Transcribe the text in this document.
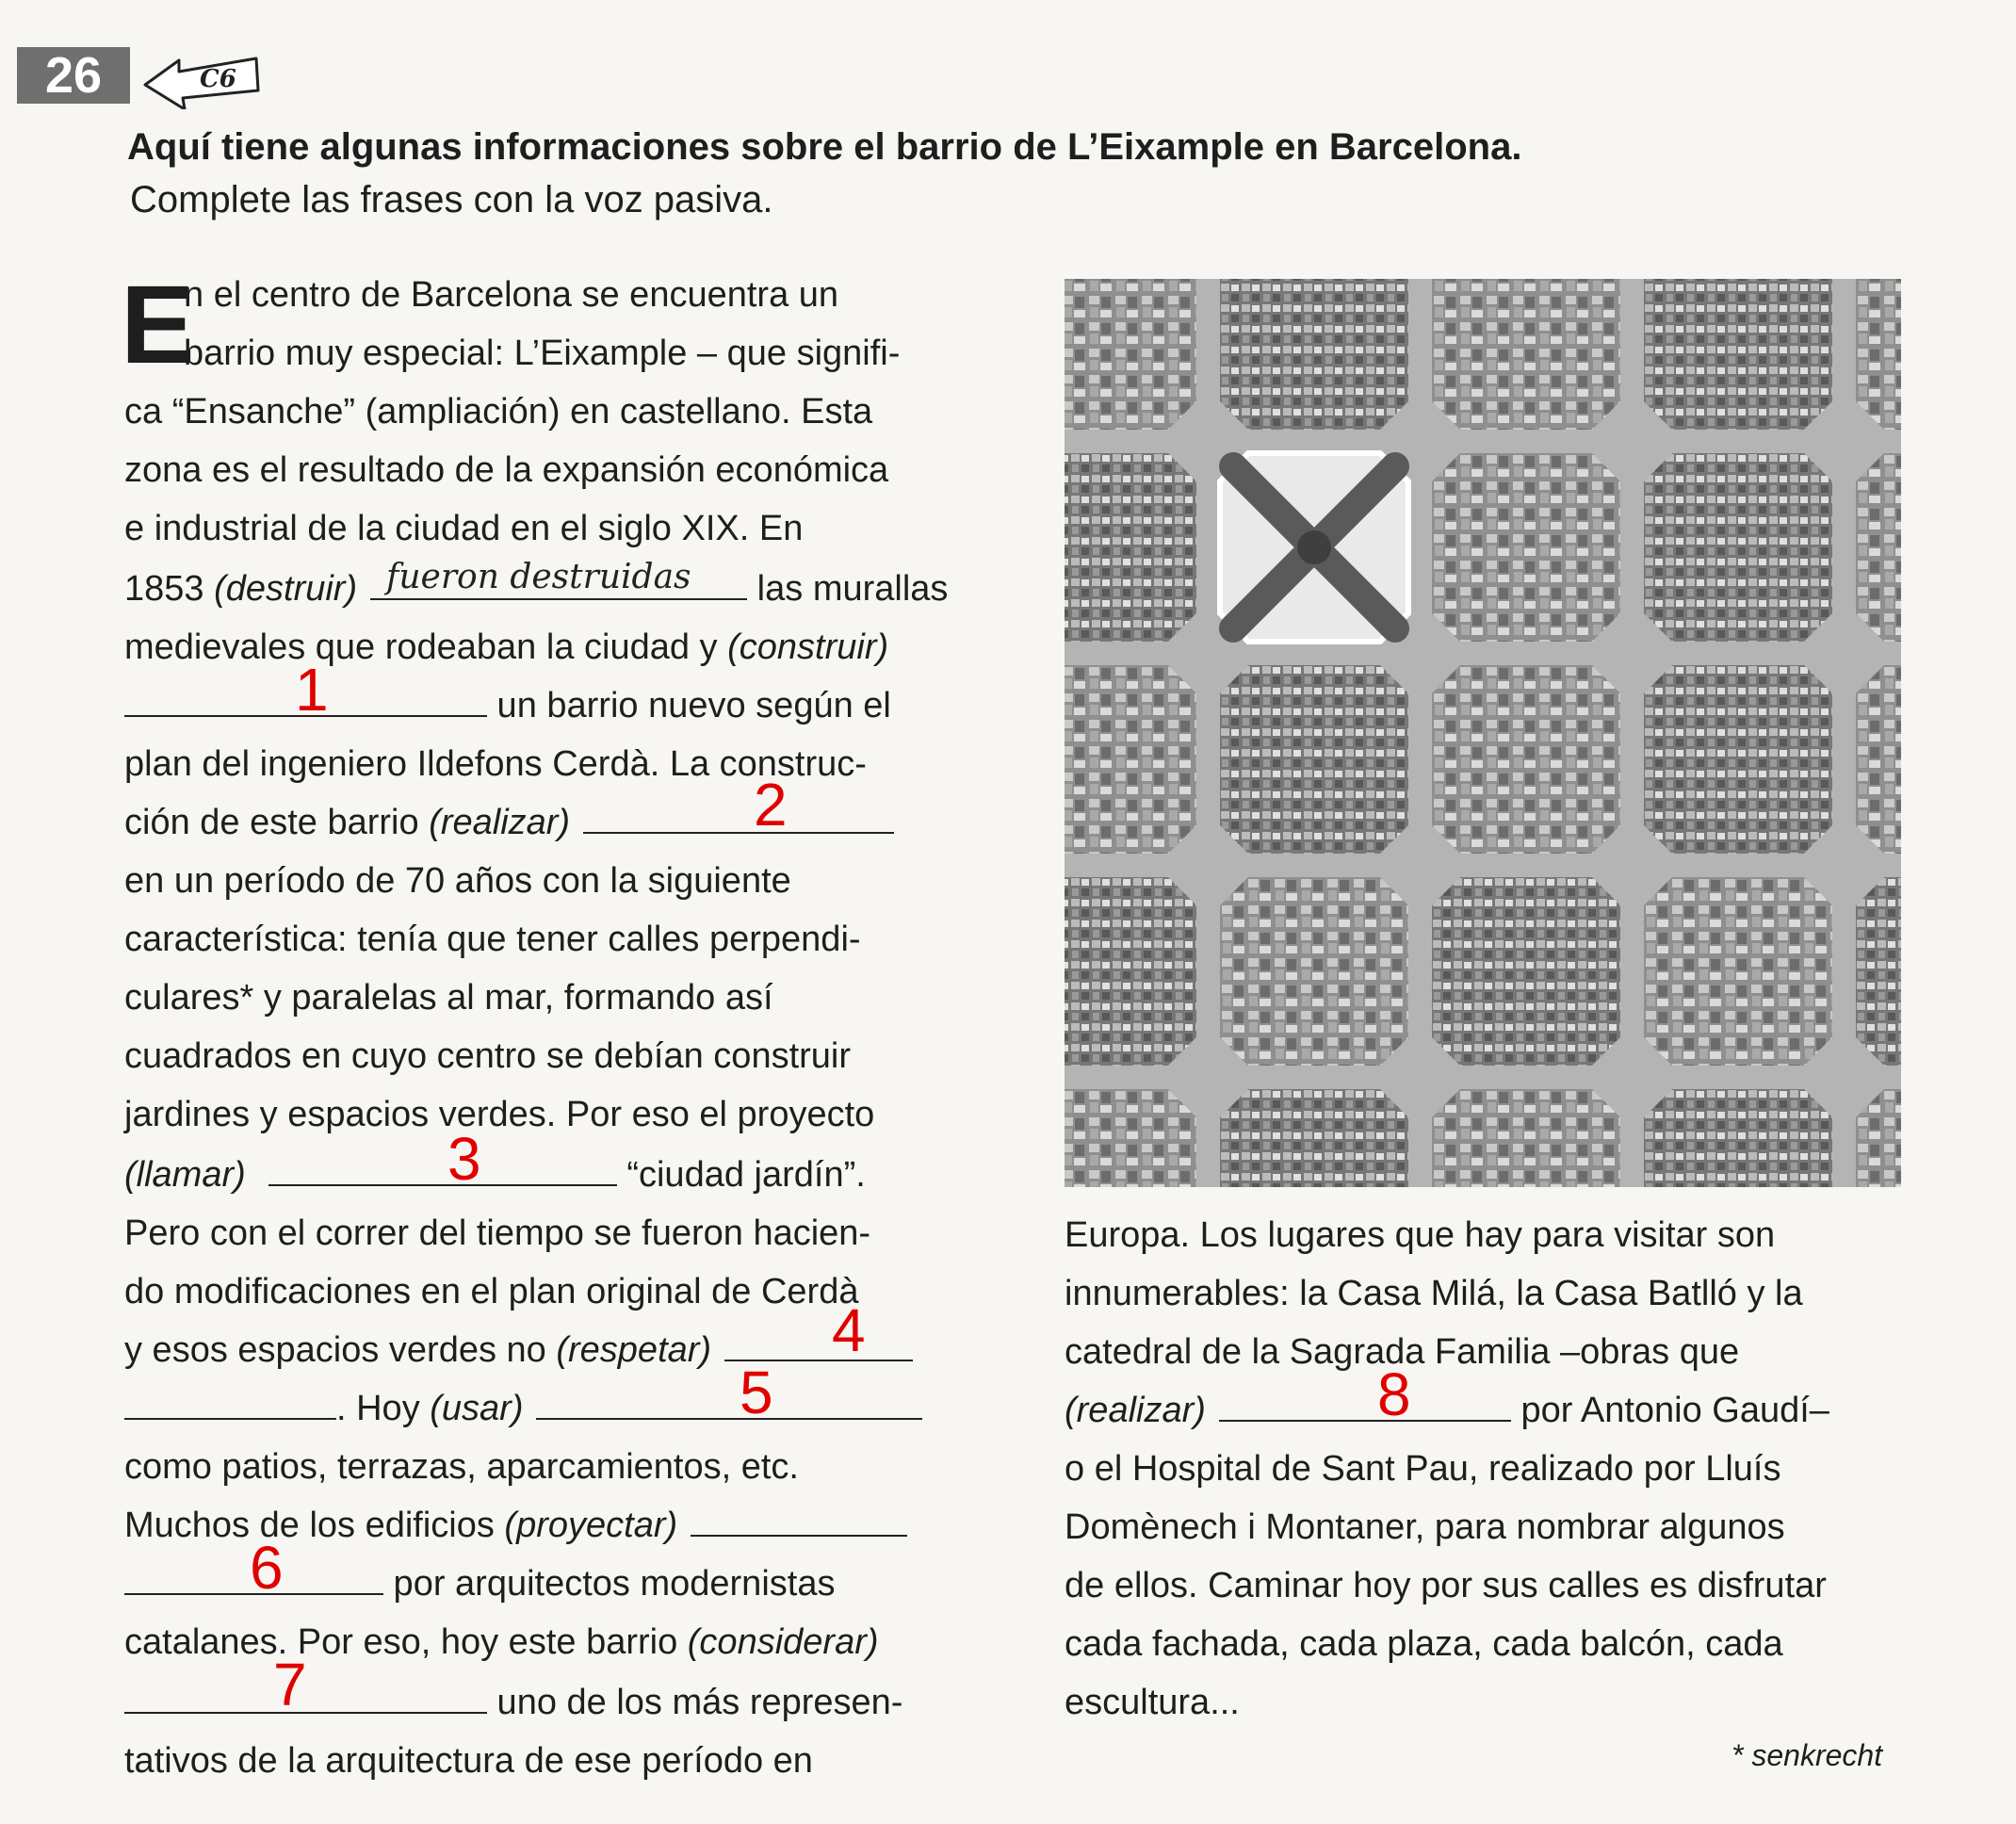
26	C6
Aquí tiene algunas informaciones sobre el barrio de L’Eixample en Barcelona.
Complete las frases con la voz pasiva.
E
n el centro de Barcelona se encuentra un
barrio muy especial: L’Eixample – que signifi-
ca “Ensanche” (ampliación) en castellano. Esta
zona es el resultado de la expansión económica
e industrial de la ciudad en el siglo XIX. En
1853 (destruir)	las murallas
fueron destruidas
medievales que rodeaban la ciudad y (construir)
un barrio nuevo según el
1
plan del ingeniero Ildefons Cerdà. La construc-
ción de este barrio (realizar)	2
en un período de 70 años con la siguiente
característica: tenía que tener calles perpendi-
culares* y paralelas al mar, formando así
cuadrados en cuyo centro se debían construir
jardines y espacios verdes. Por eso el proyecto
(llamar)	“ciudad jardín”.
3
Pero con el correr del tiempo se fueron hacien-
do modificaciones en el plan original de Cerdà
y esos espacios verdes no (respetar)	4
. Hoy (usar)	5
como patios, terrazas, aparcamientos, etc.
Muchos de los edificios (proyectar)
por arquitectos modernistas
6
catalanes. Por eso, hoy este barrio (considerar)
uno de los más represen-
7
tativos de la arquitectura de ese período en
Europa. Los lugares que hay para visitar son
innumerables: la Casa Milá, la Casa Batlló y la
catedral de la Sagrada Familia –obras que
(realizar)	por Antonio Gaudí–
8
o el Hospital de Sant Pau, realizado por Lluís
Domènech i Montaner, para nombrar algunos
de ellos. Caminar hoy por sus calles es disfrutar
cada fachada, cada plaza, cada balcón, cada
escultura...
* senkrecht
